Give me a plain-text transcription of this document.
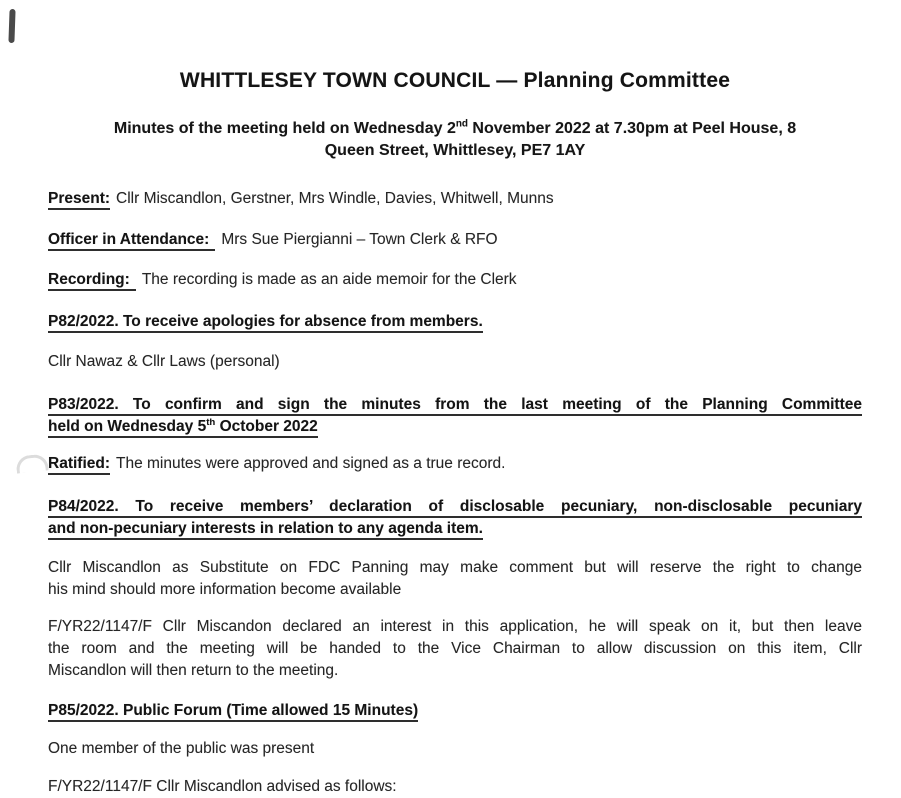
WHITTLESEY TOWN COUNCIL — Planning Committee
Minutes of the meeting held on Wednesday 2nd November 2022 at 7.30pm at Peel House, 8
Queen Street, Whittlesey, PE7 1AY
Present: Cllr Miscandlon, Gerstner, Mrs Windle, Davies, Whitwell, Munns
Officer in Attendance: Mrs Sue Piergianni – Town Clerk & RFO
Recording: The recording is made as an aide memoir for the Clerk
P82/2022. To receive apologies for absence from members.
Cllr Nawaz & Cllr Laws (personal)
P83/2022. To confirm and sign the minutes from the last meeting of the Planning Committee
held on Wednesday 5th October 2022
Ratified: The minutes were approved and signed as a true record.
P84/2022. To receive members’ declaration of disclosable pecuniary, non-disclosable pecuniary
and non-pecuniary interests in relation to any agenda item.
Cllr Miscandlon as Substitute on FDC Panning may make comment but will reserve the right to change
his mind should more information become available
F/YR22/1147/F Cllr Miscandon declared an interest in this application, he will speak on it, but then leave
the room and the meeting will be handed to the Vice Chairman to allow discussion on this item, Cllr
Miscandlon will then return to the meeting.
P85/2022. Public Forum (Time allowed 15 Minutes)
One member of the public was present
F/YR22/1147/F Cllr Miscandlon advised as follows:
